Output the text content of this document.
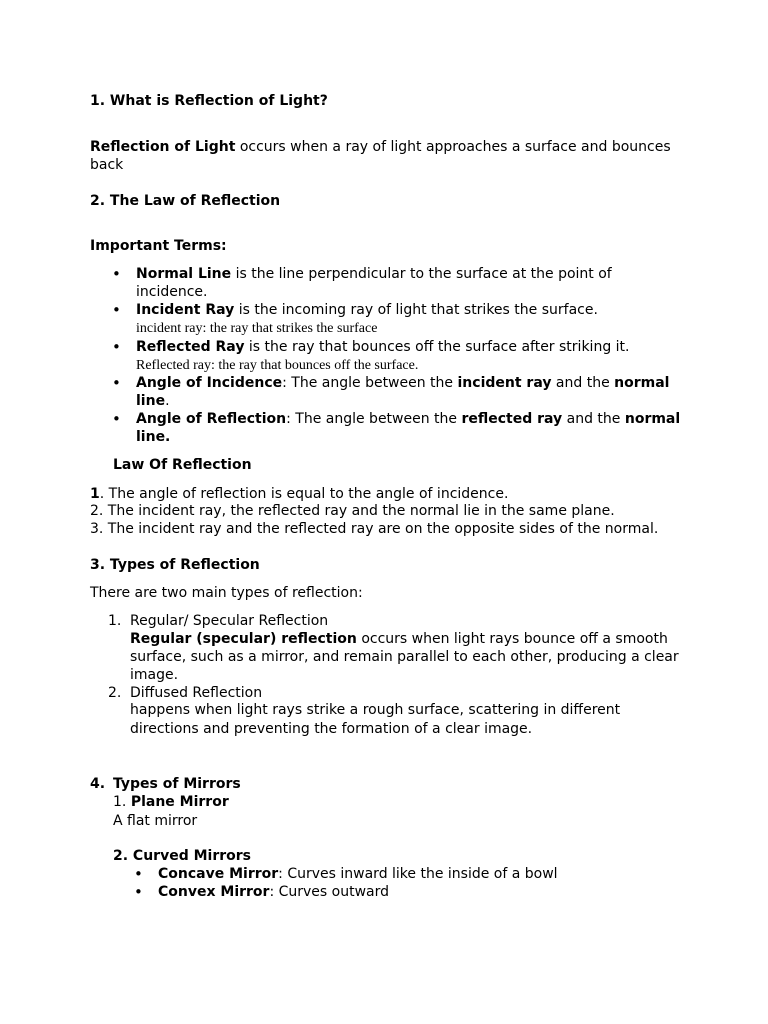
1. What is Reflection of Light?
Reflection of Light occurs when a ray of light approaches a surface and bounces
back
2. The Law of Reflection
Important Terms:
• Normal Line is the line perpendicular to the surface at the point of
incidence.
• Incident Ray is the incoming ray of light that strikes the surface.
incident ray: the ray that strikes the surface
• Reflected Ray is the ray that bounces off the surface after striking it.
Reflected ray: the ray that bounces off the surface.
• Angle of Incidence: The angle between the incident ray and the normal
line.
• Angle of Reflection: The angle between the reflected ray and the normal
line.
Law Of Reflection
1. The angle of reflection is equal to the angle of incidence.
2. The incident ray, the reflected ray and the normal lie in the same plane.
3. The incident ray and the reflected ray are on the opposite sides of the normal.
3. Types of Reflection
There are two main types of reflection:
1. Regular/ Specular Reflection
Regular (specular) reflection occurs when light rays bounce off a smooth
surface, such as a mirror, and remain parallel to each other, producing a clear
image.
2. Diffused Reflection
happens when light rays strike a rough surface, scattering in different
directions and preventing the formation of a clear image.
4. Types of Mirrors
1. Plane Mirror
A flat mirror
2. Curved Mirrors
• Concave Mirror: Curves inward like the inside of a bowl
• Convex Mirror: Curves outward
